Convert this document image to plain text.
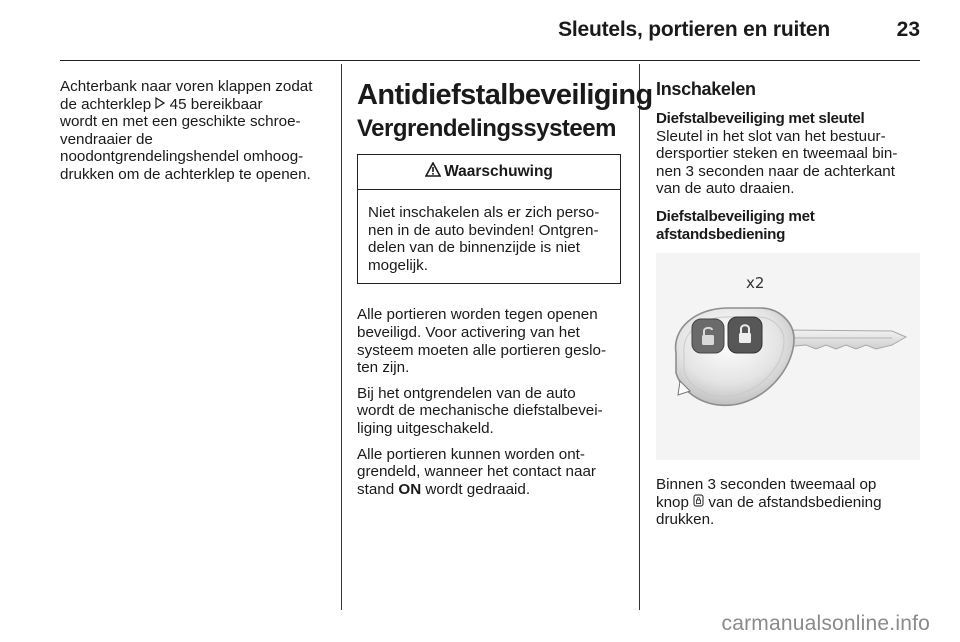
Sleutels, portieren en ruiten	23

Achterbank naar voren klappen zodat
de achterklep 45 bereikbaar
wordt en met een geschikte schroe-
vendraaier de
noodontgrendelingshendel omhoog-
drukken om de achterklep te openen.

Antidiefstalbeveiliging
Vergrendelingssysteem
Waarschuwing

Niet inschakelen als er zich perso-
nen in de auto bevinden! Ontgren-
delen van de binnenzijde is niet
mogelijk.

Alle portieren worden tegen openen
beveiligd. Voor activering van het
systeem moeten alle portieren geslo-
ten zijn.

Bij het ontgrendelen van de auto
wordt de mechanische diefstalbevei-
liging uitgeschakeld.

Alle portieren kunnen worden ont-
grendeld, wanneer het contact naar
stand ON wordt gedraaid.

Inschakelen
Diefstalbeveiliging met sleutel

Sleutel in het slot van het bestuur-
dersportier steken en tweemaal bin-
nen 3 seconden naar de achterkant
van de auto draaien.

Diefstalbeveiliging met
afstandsbediening
x2

Binnen 3 seconden tweemaal op
knop van de afstandsbediening
drukken.

carmanualsonline.info
